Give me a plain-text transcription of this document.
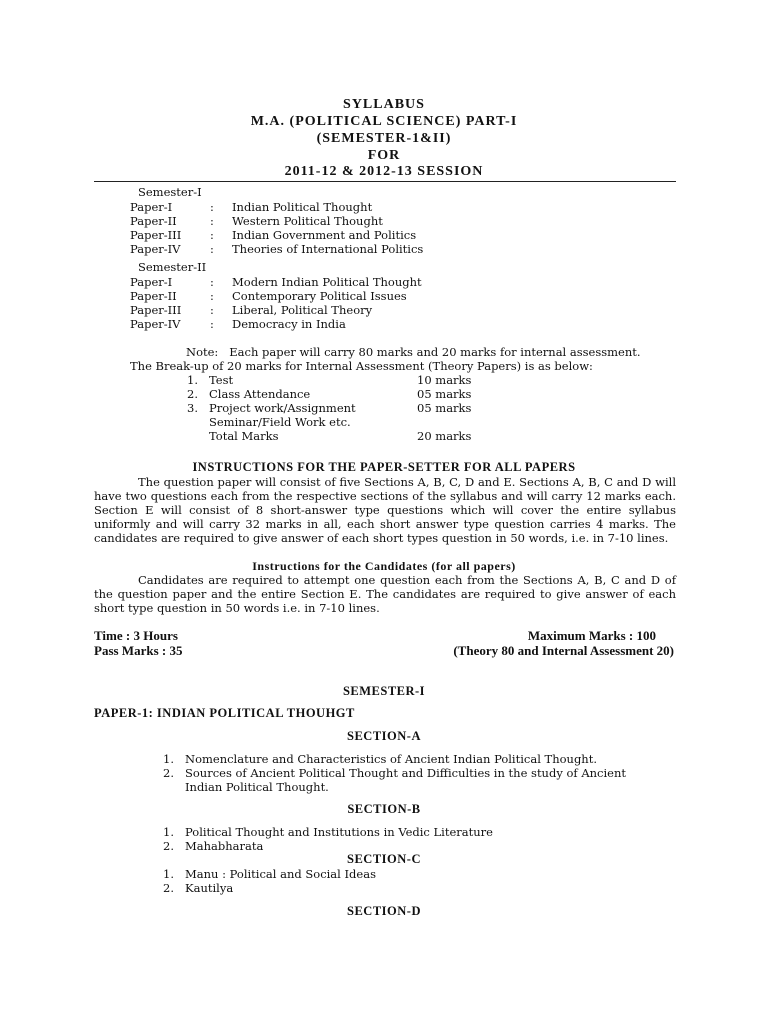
SYLLABUS
M.A. (POLITICAL SCIENCE) PART-I
(SEMESTER-1&II)
FOR
2011-12 & 2012-13 SESSION
Semester-I
Paper-I	: Indian Political Thought
Paper-II	: Western Political Thought
Paper-III : Indian Government and Politics
Paper-IV	: Theories of International Politics
Semester-II
Paper-I	: Modern Indian Political Thought
Paper-II	: Contemporary Political Issues
Paper-III : Liberal, Political Theory
Paper-IV	: Democracy in India
Note:   Each paper will carry 80 marks and 20 marks for internal assessment.
The Break-up of 20 marks for Internal Assessment (Theory Papers) is as below:
1. Test	10 marks
2. Class Attendance	05 marks
3. Project work/Assignment	05 marks
Seminar/Field Work etc.
Total Marks	20 marks
INSTRUCTIONS FOR THE PAPER-SETTER FOR ALL PAPERS

The question paper will consist of five Sections A, B, C, D and E. Sections A, B, C and D will have two questions each from the respective sections of the syllabus and will carry 12 marks each. Section E will consist of 8 short-answer type questions which will cover the entire syllabus uniformly and will carry 32 marks in all, each short answer type question carries 4 marks. The candidates are required to give answer of each short types question in 50 words, i.e. in 7-10 lines.

Instructions for the Candidates (for all papers)

Candidates are required to attempt one question each from the Sections A, B, C and D of the question paper and the entire Section E. The candidates are required to give answer of each short type question in 50 words i.e. in 7-10 lines.

Time : 3 Hours	Maximum Marks : 100
Pass Marks : 35	(Theory 80 and Internal Assessment 20)
SEMESTER-I
PAPER-1: INDIAN POLITICAL THOUHGT
SECTION-A
1. Nomenclature and Characteristics of Ancient Indian Political Thought.
2. Sources of Ancient Political Thought and Difficulties in the study of Ancient
Indian Political Thought.
SECTION-B
1. Political Thought and Institutions in Vedic Literature
2. Mahabharata
SECTION-C
1. Manu : Political and Social Ideas
2. Kautilya
SECTION-D
